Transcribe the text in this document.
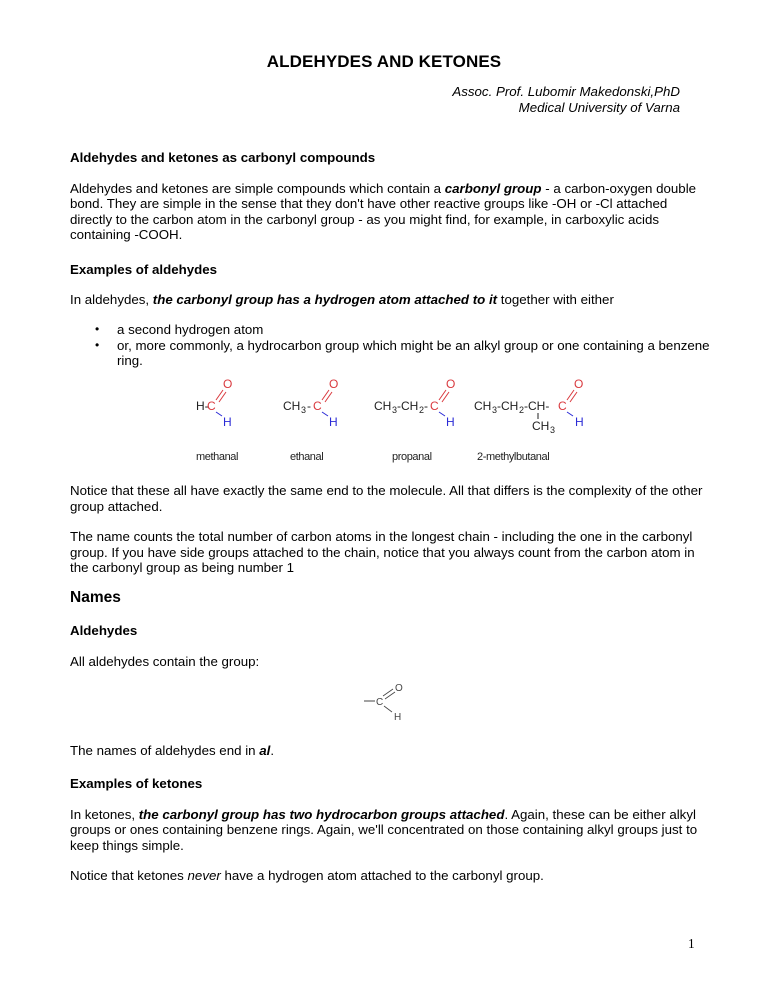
ALDEHYDES AND KETONES
Assoc. Prof. Lubomir Makedonski,PhD
Medical University of Varna
Aldehydes and ketones as carbonyl compounds
Aldehydes and ketones are simple compounds which contain a carbonyl group - a carbon-oxygen double bond. They are simple in the sense that they don't have other reactive groups like -OH or -Cl attached directly to the carbon atom in the carbonyl group - as you might find, for example, in carboxylic acids containing -COOH.
Examples of aldehydes
In aldehydes, the carbonyl group has a hydrogen atom attached to it together with either
• a second hydrogen atom
• or, more commonly, a hydrocarbon group which might be an alkyl group or one containing a benzene ring.
H-
C
O
H
CH 3 - C
O
H
CH 3 -CH 2 - C
O
H
CH 3 -CH 2 -CH-
CH 3
C
O
H
methanal	ethanal	propanal	2-methylbutanal
Notice that these all have exactly the same end to the molecule. All that differs is the complexity of the other group attached.
The name counts the total number of carbon atoms in the longest chain - including the one in the carbonyl group. If you have side groups attached to the chain, notice that you always count from the carbon atom in the carbonyl group as being number 1
Names
Aldehydes
All aldehydes contain the group:
C
O
H
The names of aldehydes end in al.
Examples of ketones
In ketones, the carbonyl group has two hydrocarbon groups attached. Again, these can be either alkyl groups or ones containing benzene rings. Again, we'll concentrated on those containing alkyl groups just to keep things simple.
Notice that ketones never have a hydrogen atom attached to the carbonyl group.
1
